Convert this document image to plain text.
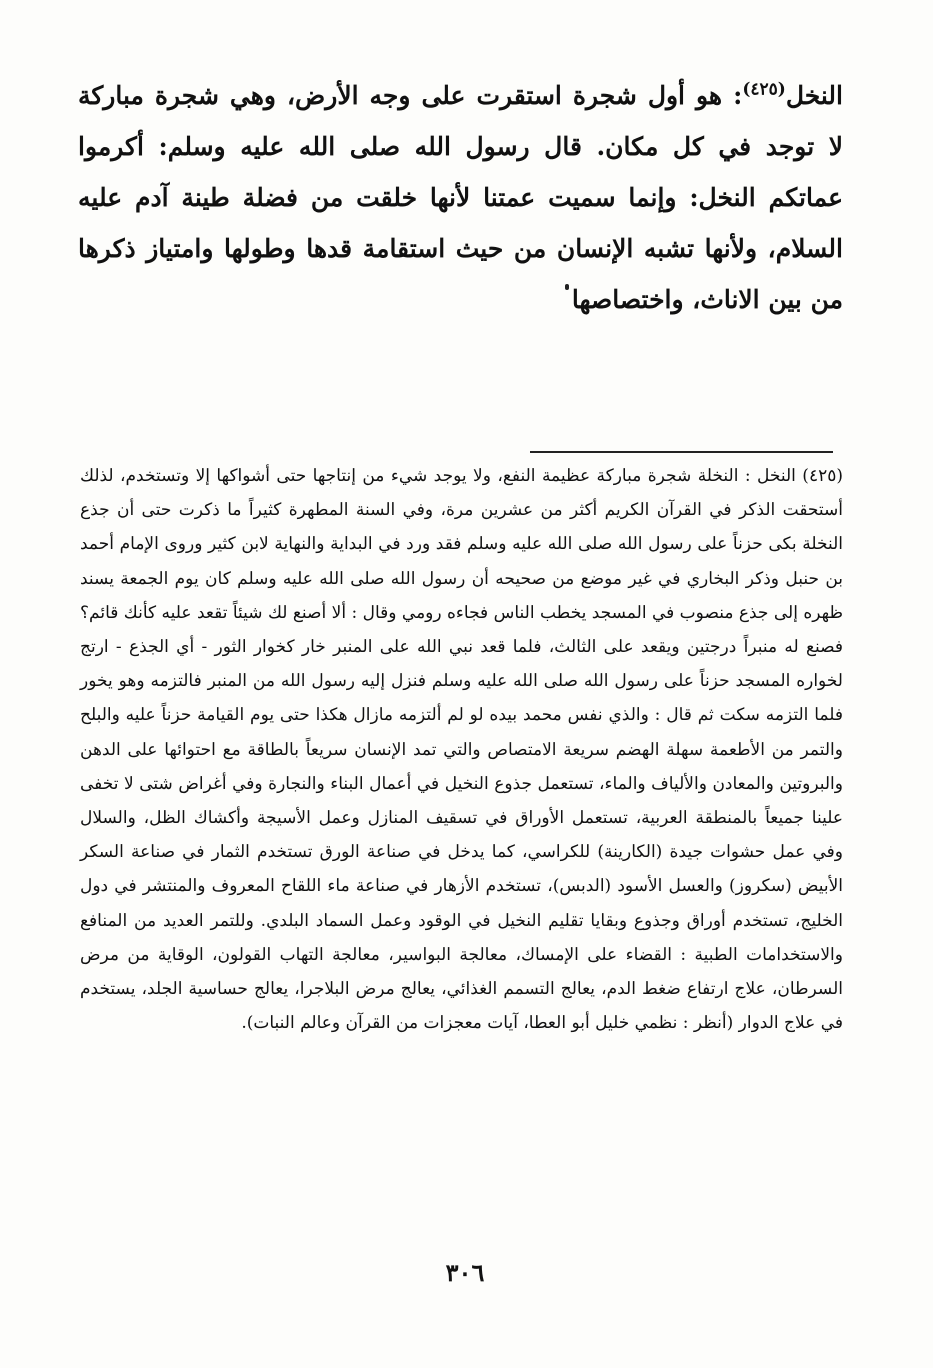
النخل$^{(٤٢٥)}$: هو أول شجرة استقرت على وجه الأرض، وهي شجرة مباركة لا توجد في كل مكان. قال رسول الله صلى الله عليه وسلم: أكرموا عماتكم النخل: وإنما سميت عمتنا لأنها خلقت من فضلة طينة آدم عليه السلام، ولأنها تشبه الإنسان من حيث استقامة قدها وطولها وامتياز ذكرها من بين الاناث، واختصاصها

(٤٢٥) النخل : النخلة شجرة مباركة عظيمة النفع، ولا يوجد شيء من إنتاجها حتى أشواكها إلا وتستخدم، لذلك أستحقت الذكر في القرآن الكريم أكثر من عشرين مرة، وفي السنة المطهرة كثيراً ما ذكرت حتى أن جذع النخلة بكى حزناً على رسول الله صلى الله عليه وسلم فقد ورد في البداية والنهاية لابن كثير وروى الإمام أحمد بن حنبل وذكر البخاري في غير موضع من صحيحه أن رسول الله صلى الله عليه وسلم كان يوم الجمعة يسند ظهره إلى جذع منصوب في المسجد يخطب الناس فجاءه رومي وقال : ألا أصنع لك شيئاً تقعد عليه كأنك قائم؟ فصنع له منبراً درجتين ويقعد على الثالث، فلما قعد نبي الله على المنبر خار كخوار الثور - أي الجذع - ارتج لخواره المسجد حزناً على رسول الله صلى الله عليه وسلم فنزل إليه رسول الله من المنبر فالتزمه وهو يخور فلما التزمه سكت ثم قال : والذي نفس محمد بيده لو لم ألتزمه مازال هكذا حتى يوم القيامة حزناً عليه والبلح والتمر من الأطعمة سهلة الهضم سريعة الامتصاص والتي تمد الإنسان سريعاً بالطاقة مع احتوائها على الدهن والبروتين والمعادن والألياف والماء، تستعمل جذوع النخيل في أعمال البناء والنجارة وفي أغراض شتى لا تخفى علينا جميعاً بالمنطقة العربية، تستعمل الأوراق في تسقيف المنازل وعمل الأسيجة وأكشاك الظل، والسلال وفي عمل حشوات جيدة (الكارينة) للكراسي، كما يدخل في صناعة الورق تستخدم الثمار في صناعة السكر الأبيض (سكروز) والعسل الأسود (الدبس)، تستخدم الأزهار في صناعة ماء اللقاح المعروف والمنتشر في دول الخليج، تستخدم أوراق وجذوع وبقايا تقليم النخيل في الوقود وعمل السماد البلدي. وللتمر العديد من المنافع والاستخدامات الطبية : القضاء على الإمساك، معالجة البواسير، معالجة التهاب القولون، الوقاية من مرض السرطان، علاج ارتفاع ضغط الدم، يعالج التسمم الغذائي، يعالج مرض البلاجرا، يعالج حساسية الجلد، يستخدم في علاج الدوار (أنظر : نظمي خليل أبو العطا، آيات معجزات من القرآن وعالم النبات).

٣٠٦
